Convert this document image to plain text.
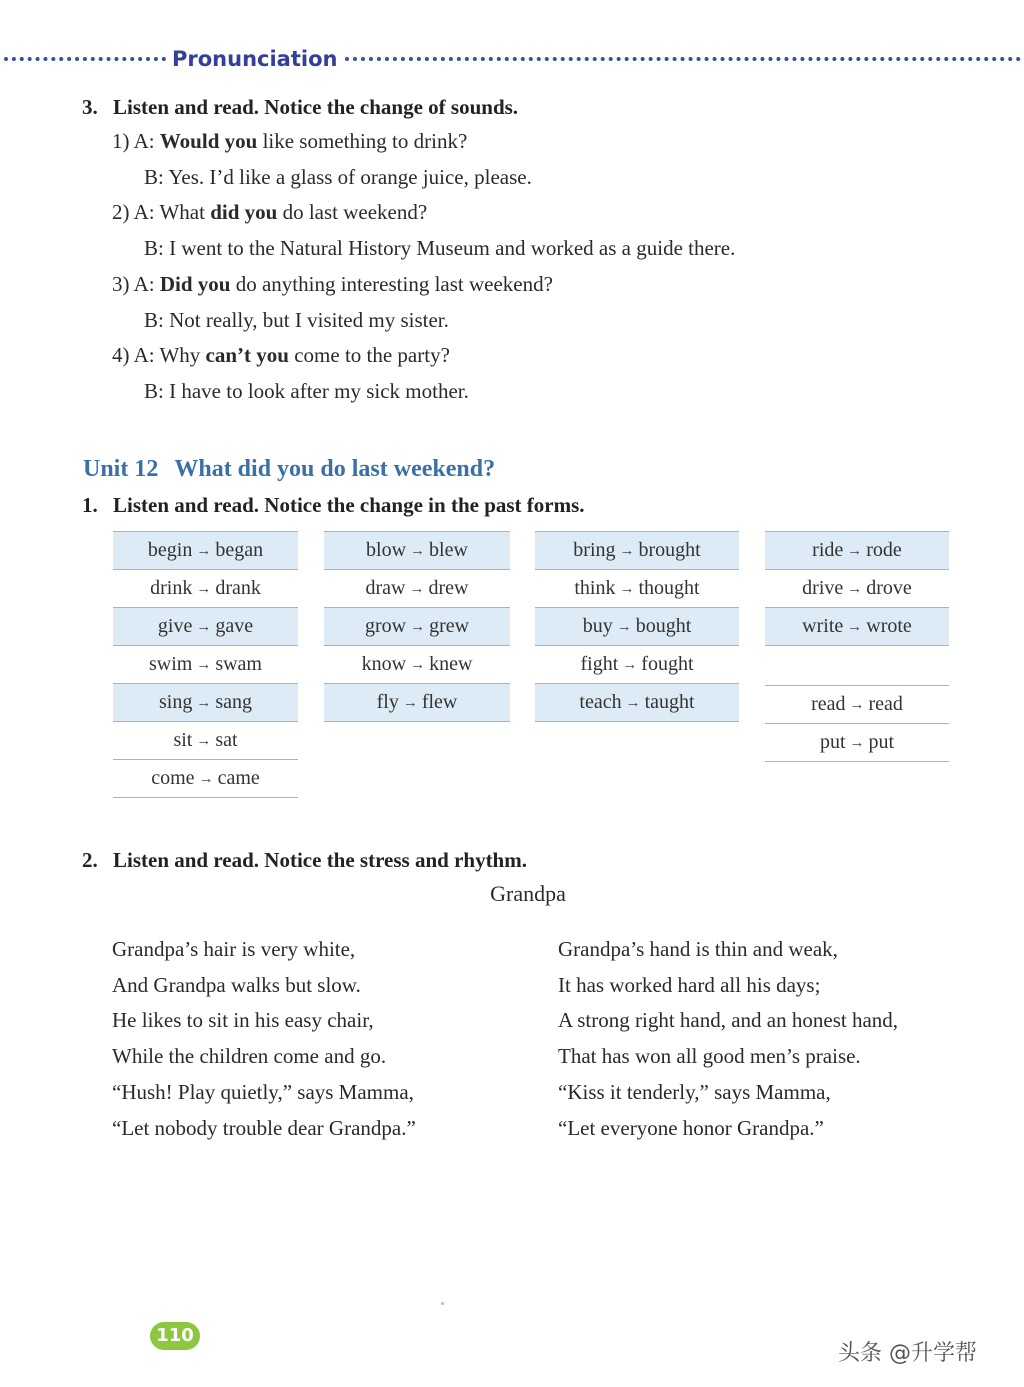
Pronunciation
3. Listen and read. Notice the change of sounds.
1) A: Would you like something to drink?
B: Yes. I’d like a glass of orange juice, please.
2) A: What did you do last weekend?
B: I went to the Natural History Museum and worked as a guide there.
3) A: Did you do anything interesting last weekend?
B: Not really, but I visited my sister.
4) A: Why can’t you come to the party?
B: I have to look after my sick mother.
Unit 12 What did you do last weekend?
1. Listen and read. Notice the change in the past forms.
begin → began
drink → drank
give → gave
swim → swam
sing → sang
sit → sat
come → came
blow → blew
draw → drew
grow → grew
know → knew
fly → flew
bring → brought
think → thought
buy → bought
fight → fought
teach → taught
ride → rode
drive → drove
write → wrote
read → read
put → put
2. Listen and read. Notice the stress and rhythm.
Grandpa
Grandpa’s hair is very white,
And Grandpa walks but slow.
He likes to sit in his easy chair,
While the children come and go.
“Hush! Play quietly,” says Mamma,
“Let nobody trouble dear Grandpa.”
Grandpa’s hand is thin and weak,
It has worked hard all his days;
A strong right hand, and an honest hand,
That has won all good men’s praise.
“Kiss it tenderly,” says Mamma,
“Let everyone honor Grandpa.”
110
头条 @升学帮
